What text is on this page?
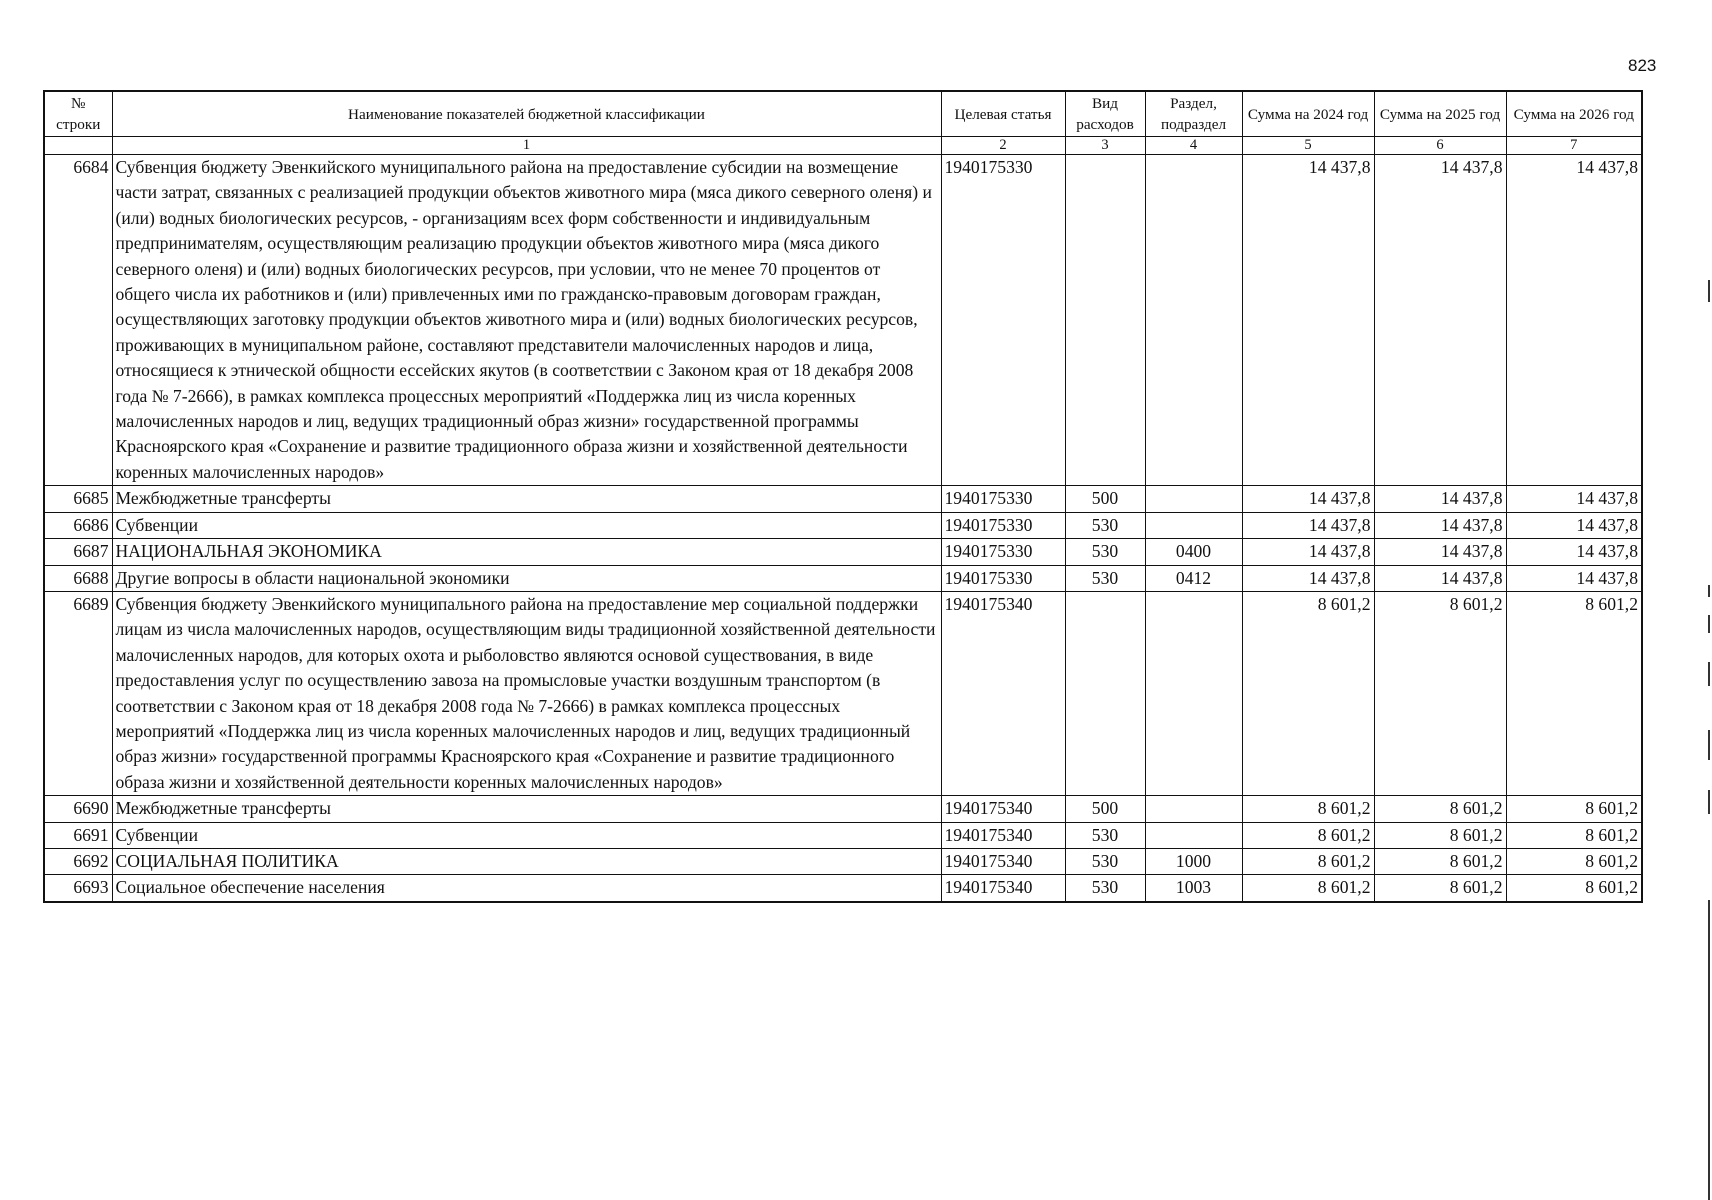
823
№ строки	Наименование показателей бюджетной классификации	Целевая статья	Вид расходов	Раздел, подраздел	Сумма на 2024 год	Сумма на 2025 год	Сумма на 2026 год
	1	2	3	4	5	6	7
6684	Субвенция бюджету Эвенкийского муниципального района на предоставление субсидии на возмещение части затрат, связанных с реализацией продукции объектов животного мира (мяса дикого северного оленя) и (или) водных биологических ресурсов, - организациям всех форм собственности и индивидуальным предпринимателям, осуществляющим реализацию продукции объектов животного мира (мяса дикого северного оленя) и (или) водных биологических ресурсов, при условии, что не менее 70 процентов от общего числа их работников и (или) привлеченных ими по гражданско-правовым договорам граждан, осуществляющих заготовку продукции объектов животного мира и (или) водных биологических ресурсов, проживающих в муниципальном районе, составляют представители малочисленных народов и лица, относящиеся к этнической общности ессейских якутов (в соответствии с Законом края от 18 декабря 2008 года № 7-2666), в рамках комплекса процессных мероприятий «Поддержка лиц из числа коренных малочисленных народов и лиц, ведущих традиционный образ жизни» государственной программы Красноярского края «Сохранение и развитие традиционного образа жизни и хозяйственной деятельности коренных малочисленных народов»	1940175330			14 437,8	14 437,8	14 437,8
6685	Межбюджетные трансферты	1940175330	500		14 437,8	14 437,8	14 437,8
6686	Субвенции	1940175330	530		14 437,8	14 437,8	14 437,8
6687	НАЦИОНАЛЬНАЯ ЭКОНОМИКА	1940175330	530	0400	14 437,8	14 437,8	14 437,8
6688	Другие вопросы в области национальной экономики	1940175330	530	0412	14 437,8	14 437,8	14 437,8
6689	Субвенция бюджету Эвенкийского муниципального района на предоставление мер социальной поддержки лицам из числа малочисленных народов, осуществляющим виды традиционной хозяйственной деятельности малочисленных народов, для которых охота и рыболовство являются основой существования, в виде предоставления услуг по осуществлению завоза на промысловые участки воздушным транспортом (в соответствии с Законом края от 18 декабря 2008 года № 7-2666) в рамках комплекса процессных мероприятий «Поддержка лиц из числа коренных малочисленных народов и лиц, ведущих традиционный образ жизни» государственной программы Красноярского края «Сохранение и развитие традиционного образа жизни и хозяйственной деятельности коренных малочисленных народов»	1940175340			8 601,2	8 601,2	8 601,2
6690	Межбюджетные трансферты	1940175340	500		8 601,2	8 601,2	8 601,2
6691	Субвенции	1940175340	530		8 601,2	8 601,2	8 601,2
6692	СОЦИАЛЬНАЯ ПОЛИТИКА	1940175340	530	1000	8 601,2	8 601,2	8 601,2
6693	Социальное обеспечение населения	1940175340	530	1003	8 601,2	8 601,2	8 601,2
